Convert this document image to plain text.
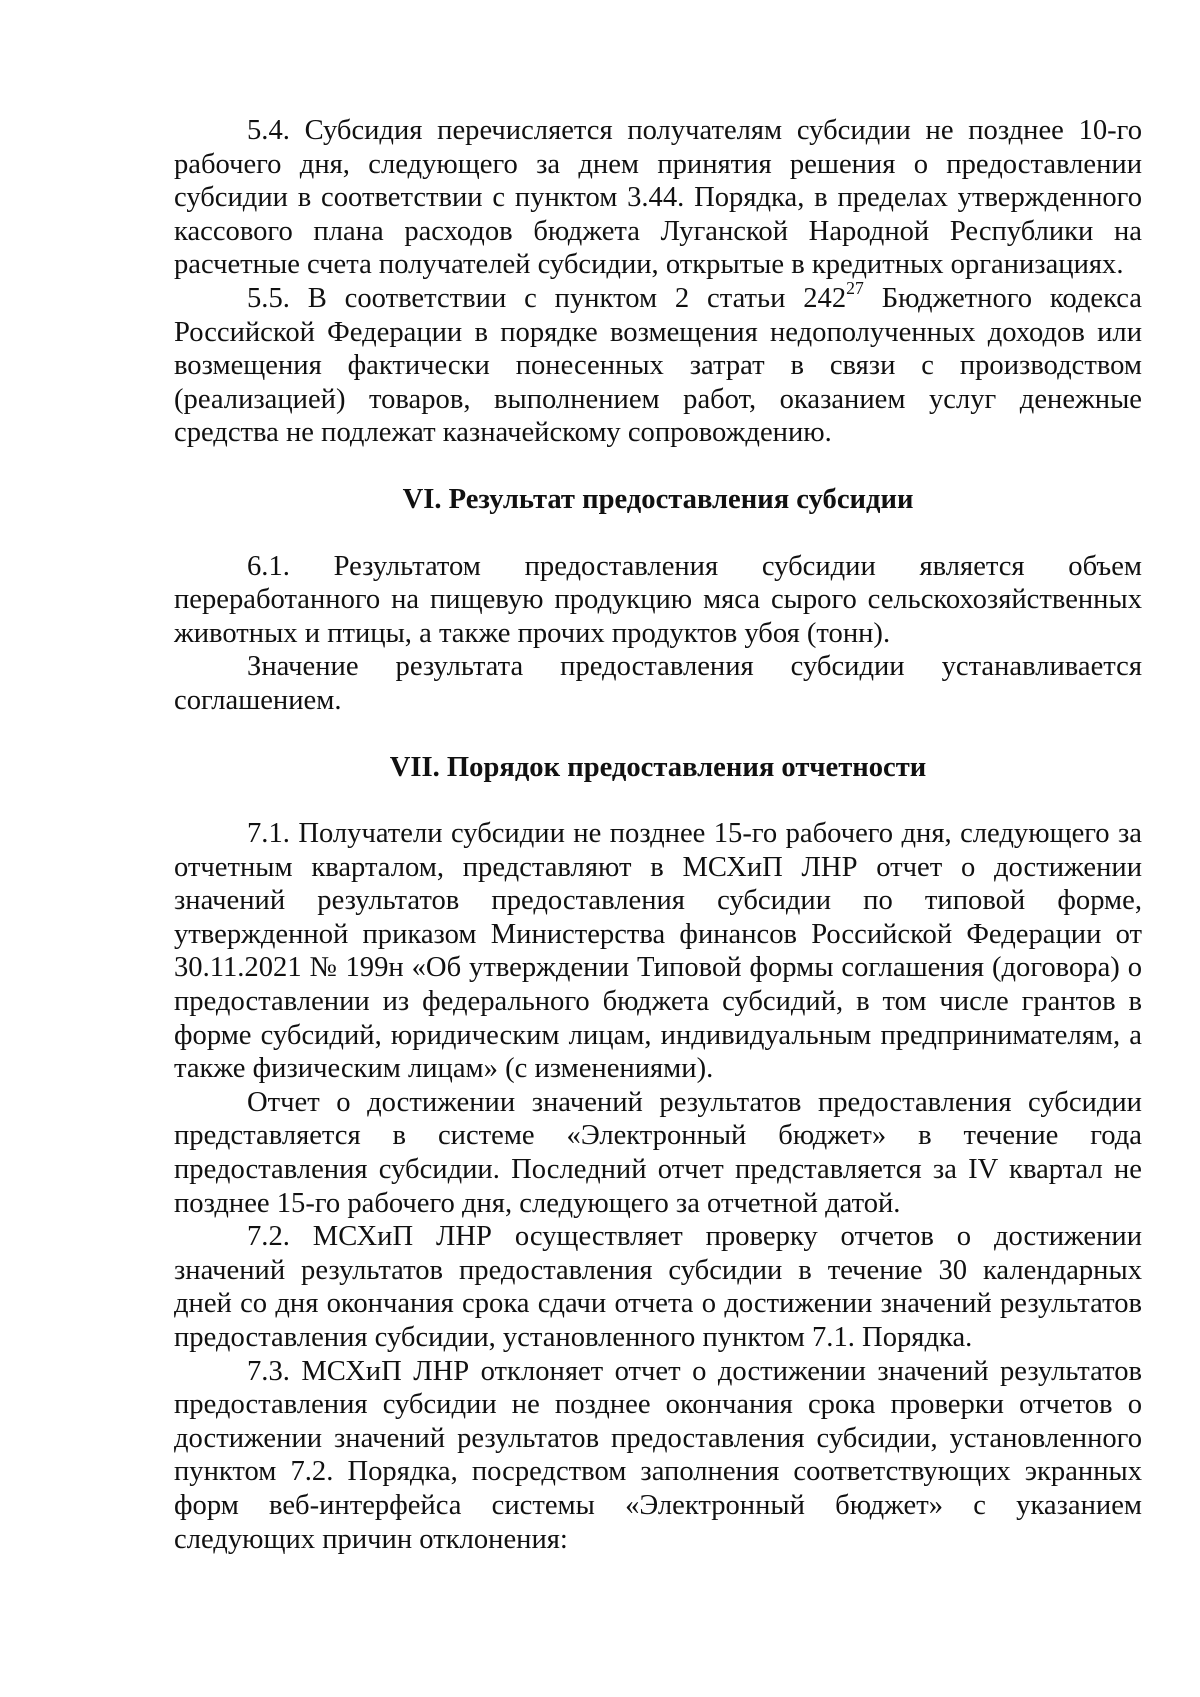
5.4. Субсидия перечисляется получателям субсидии не позднее 10-го рабочего дня, следующего за днем принятия решения о предоставлении субсидии в соответствии с пунктом 3.44. Порядка, в пределах утвержденного кассового плана расходов бюджета Луганской Народной Республики на расчетные счета получателей субсидии, открытые в кредитных организациях.

5.5. В соответствии с пунктом 2 статьи $242^{27}$ Бюджетного кодекса Российской Федерации в порядке возмещения недополученных доходов или возмещения фактически понесенных затрат в связи с производством (реализацией) товаров, выполнением работ, оказанием услуг денежные средства не подлежат казначейскому сопровождению.

VI. Результат предоставления субсидии

6.1. Результатом предоставления субсидии является объем переработанного на пищевую продукцию мяса сырого сельскохозяйственных животных и птицы, а также прочих продуктов убоя (тонн).

Значение результата предоставления субсидии устанавливается соглашением.

VII. Порядок предоставления отчетности

7.1. Получатели субсидии не позднее 15-го рабочего дня, следующего за отчетным кварталом, представляют в МСХиП ЛНР отчет о достижении значений результатов предоставления субсидии по типовой форме, утвержденной приказом Министерства финансов Российской Федерации от 30.11.2021 № 199н «Об утверждении Типовой формы соглашения (договора) о предоставлении из федерального бюджета субсидий, в том числе грантов в форме субсидий, юридическим лицам, индивидуальным предпринимателям, а также физическим лицам» (с изменениями).

Отчет о достижении значений результатов предоставления субсидии представляется в системе «Электронный бюджет» в течение года предоставления субсидии. Последний отчет представляется за IV квартал не позднее 15-го рабочего дня, следующего за отчетной датой.

7.2. МСХиП ЛНР осуществляет проверку отчетов о достижении значений результатов предоставления субсидии в течение 30 календарных дней со дня окончания срока сдачи отчета о достижении значений результатов предоставления субсидии, установленного пунктом 7.1. Порядка.

7.3. МСХиП ЛНР отклоняет отчет о достижении значений результатов предоставления субсидии не позднее окончания срока проверки отчетов о достижении значений результатов предоставления субсидии, установленного пунктом 7.2. Порядка, посредством заполнения соответствующих экранных форм веб-интерфейса системы «Электронный бюджет» с указанием следующих причин отклонения:
